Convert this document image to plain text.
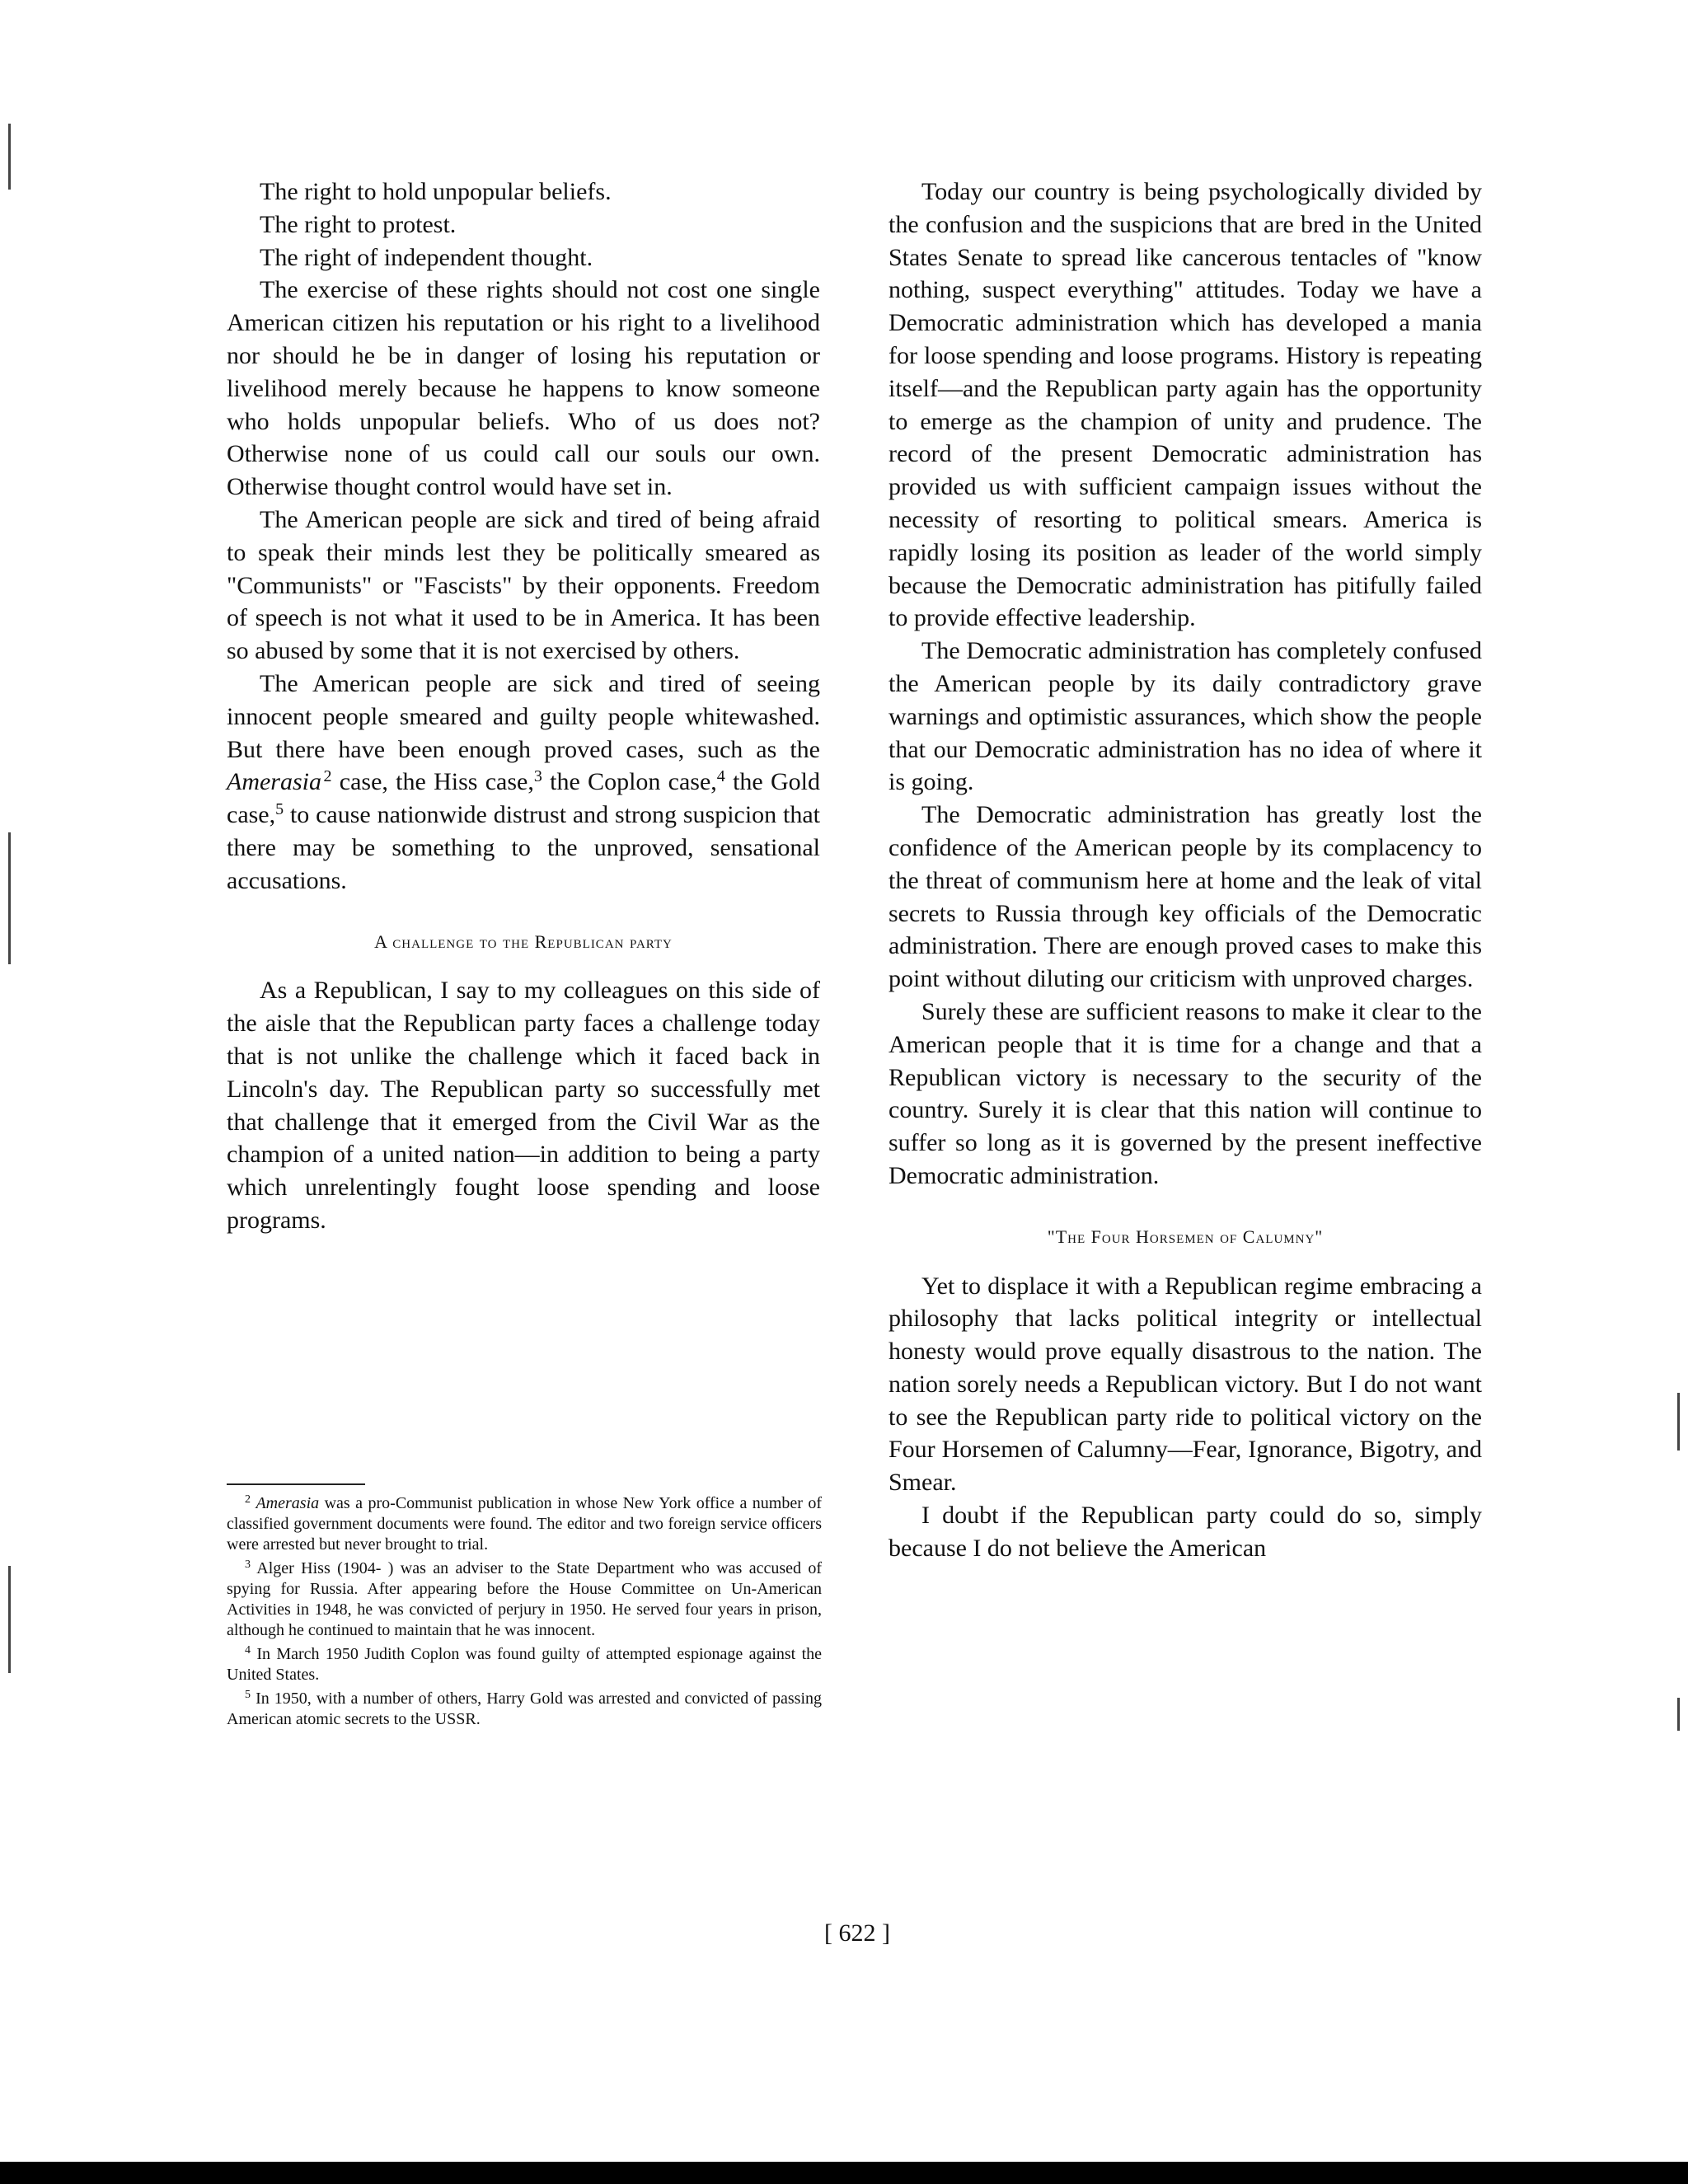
The right to hold unpopular beliefs.

The right to protest.

The right of independent thought.

The exercise of these rights should not cost one single American citizen his reputation or his right to a livelihood nor should he be in danger of losing his reputation or livelihood merely because he happens to know someone who holds unpopular beliefs. Who of us does not? Otherwise none of us could call our souls our own. Otherwise thought control would have set in.

The American people are sick and tired of being afraid to speak their minds lest they be politically smeared as "Communists" or "Fascists" by their opponents. Freedom of speech is not what it used to be in America. It has been so abused by some that it is not exercised by others.

The American people are sick and tired of seeing innocent people smeared and guilty people whitewashed. But there have been enough proved cases, such as the Amerasia  $^2$ case, the Hiss case,$^3$ the Coplon case,$^4$ the Gold case,$^5$ to cause nationwide distrust and strong suspicion that there may be something to the unproved, sensational accusations.

A challenge to the Republican party

As a Republican, I say to my colleagues on this side of the aisle that the Republican party faces a challenge today that is not unlike the challenge which it faced back in Lincoln's day. The Republican party so successfully met that challenge that it emerged from the Civil War as the champion of a united nation—in addition to being a party which unrelentingly fought loose spending and loose programs.

Today our country is being psychologically divided by the confusion and the suspicions that are bred in the United States Senate to spread like cancerous tentacles of "know nothing, suspect everything" attitudes. Today we have a Democratic administration which has developed a mania for loose spending and loose programs. History is repeating itself—and the Republican party again has the opportunity to emerge as the champion of unity and prudence. The record of the present Democratic administration has provided us with sufficient campaign issues without the necessity of resorting to political smears. America is rapidly losing its position as leader of the world simply because the Democratic administration has pitifully failed to provide effective leadership.

The Democratic administration has completely confused the American people by its daily contradictory grave warnings and optimistic assurances, which show the people that our Democratic administration has no idea of where it is going.

The Democratic administration has greatly lost the confidence of the American people by its complacency to the threat of communism here at home and the leak of vital secrets to Russia through key officials of the Democratic administration. There are enough proved cases to make this point without diluting our criticism with unproved charges.

Surely these are sufficient reasons to make it clear to the American people that it is time for a change and that a Republican victory is necessary to the security of the country. Surely it is clear that this nation will continue to suffer so long as it is governed by the present ineffective Democratic administration.

"The Four Horsemen of Calumny"

Yet to displace it with a Republican regime embracing a philosophy that lacks political integrity or intellectual honesty would prove equally disastrous to the nation. The nation sorely needs a Republican victory. But I do not want to see the Republican party ride to political victory on the Four Horsemen of Calumny—Fear, Ignorance, Bigotry, and Smear.

I doubt if the Republican party could do so, simply because I do not believe the American

$^2$ Amerasia was a pro-Communist publication in whose New York office a number of classified government documents were found. The editor and two foreign service officers were arrested but never brought to trial.

$^3$ Alger Hiss (1904- ) was an adviser to the State Department who was accused of spying for Russia. After appearing before the House Committee on Un-American Activities in 1948, he was convicted of perjury in 1950. He served four years in prison, although he continued to maintain that he was innocent.

$^4$ In March 1950 Judith Coplon was found guilty of attempted espionage against the United States.

$^5$ In 1950, with a number of others, Harry Gold was arrested and convicted of passing American atomic secrets to the USSR.

[ 622 ]
